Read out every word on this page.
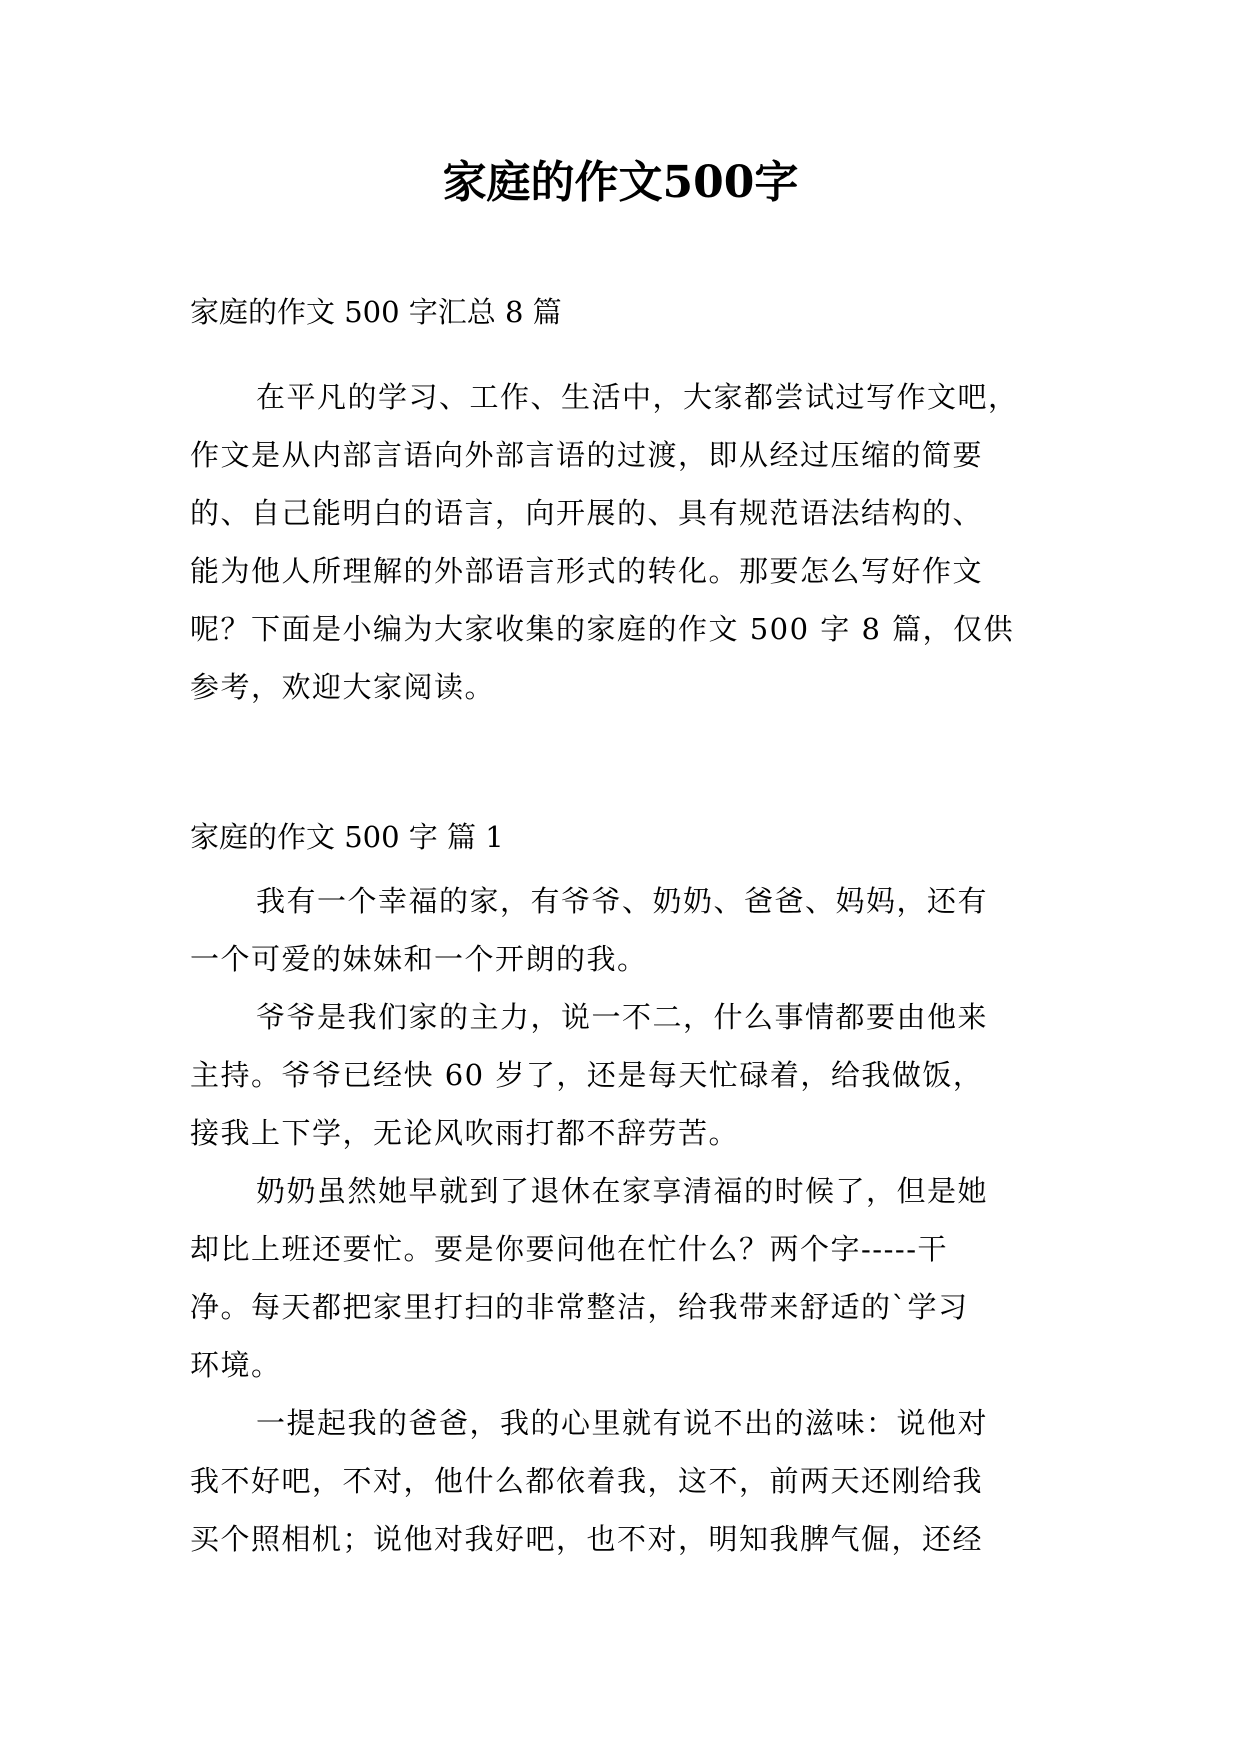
家庭的作文500字
家庭的作文 500 字汇总 8 篇
在平凡的学习、工作、生活中，大家都尝试过写作文吧，
作文是从内部言语向外部言语的过渡，即从经过压缩的简要
的、自己能明白的语言，向开展的、具有规范语法结构的、
能为他人所理解的外部语言形式的转化。那要怎么写好作文
呢？下面是小编为大家收集的家庭的作文 500 字 8 篇，仅供
参考，欢迎大家阅读。
家庭的作文 500 字 篇 1
我有一个幸福的家，有爷爷、奶奶、爸爸、妈妈，还有
一个可爱的妹妹和一个开朗的我。
爷爷是我们家的主力，说一不二，什么事情都要由他来
主持。爷爷已经快 60 岁了，还是每天忙碌着，给我做饭，
接我上下学，无论风吹雨打都不辞劳苦。
奶奶虽然她早就到了退休在家享清福的时候了，但是她
却比上班还要忙。要是你要问他在忙什么？两个字-----干
净。每天都把家里打扫的非常整洁，给我带来舒适的`学习
环境。
一提起我的爸爸，我的心里就有说不出的滋味：说他对
我不好吧，不对，他什么都依着我，这不，前两天还刚给我
买个照相机；说他对我好吧，也不对，明知我脾气倔，还经
